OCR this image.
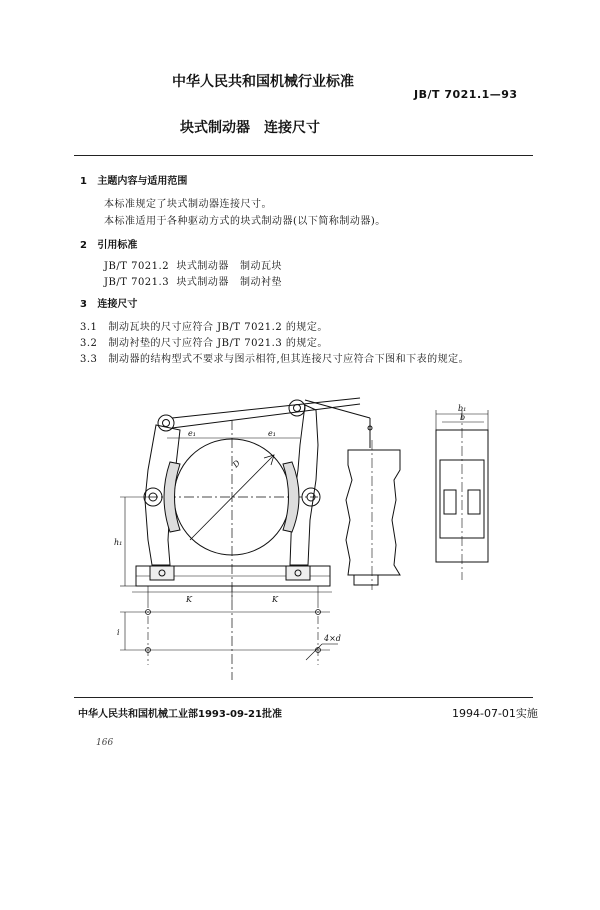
中华人民共和国机械行业标准
JB/T 7021.1—93
块式制动器　连接尺寸
1 主题内容与适用范围
本标准规定了块式制动器连接尺寸。
本标准适用于各种驱动方式的块式制动器(以下简称制动器)。
2 引用标准
JB/T 7021.2 块式制动器 制动瓦块
JB/T 7021.3 块式制动器 制动衬垫
3 连接尺寸
3.1 制动瓦块的尺寸应符合 JB/T 7021.2 的规定。
3.2 制动衬垫的尺寸应符合 JB/T 7021.3 的规定。
3.3 制动器的结构型式不要求与图示相符,但其连接尺寸应符合下图和下表的规定。
e₁	e₁
D
h₁
K	K
i
b₁
b
4×d
中华人民共和国机械工业部1993-09-21批准	1994-07-01实施
166
